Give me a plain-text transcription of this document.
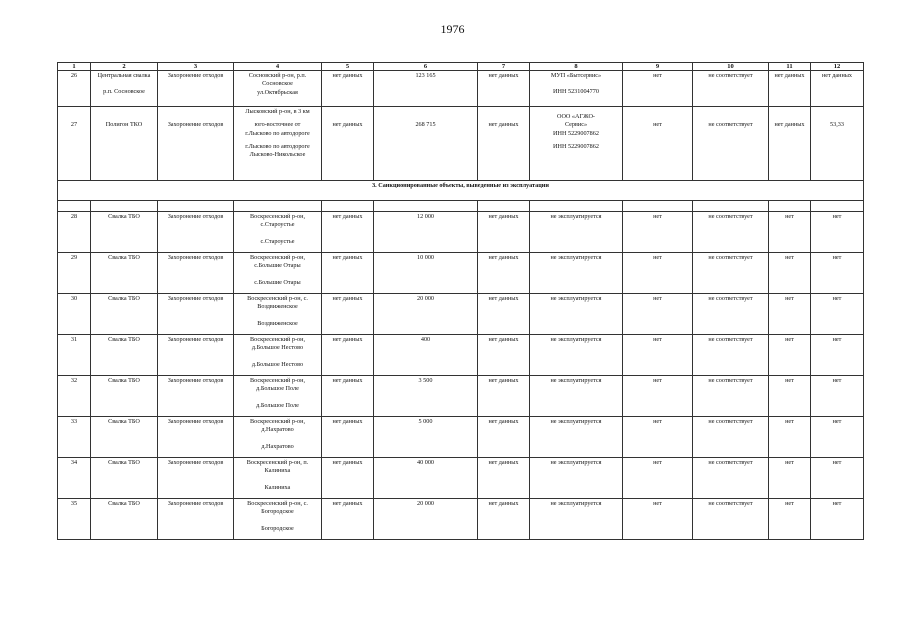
1976
1	2	3	4	5	6	7	8	9	10	11	12
26	Центральная свалка
р.п. Сосновское	Захоронение отходов	Сосновский р-он, р.п.
Сосновское
ул.Октябрьская	нет данных	123 165	нет данных	МУП «Бытсервис»
ИНН 5231004770	нет	не соответствует	нет данных	нет данных
27	Полигон ТКО	Захоронение отходов	Лысковский р-он, в 3 км
юго-восточнее от
г.Лысково по автодороге
г.Лысково по автодороге
Лысково-Никольское	нет данных	268 715	нет данных	ООО «АГЖО-
Сервис»
ИНН 5229007862
ИНН 5229007862	нет	не соответствует	нет данных	53,33
3. Санкционированные объекты, выведенные из эксплуатации											

28	Свалка ТБО	Захоронение отходов	Воскресенский р-он,
с.Староустье
с.Староустье	нет данных	12 000	нет данных	не эксплуатируется	нет	не соответствует	нет	нет
29	Свалка ТБО	Захоронение отходов	Воскресенский р-он,
с.Большие Отары
с.Большие Отары	нет данных	10 000	нет данных	не эксплуатируется	нет	не соответствует	нет	нет
30	Свалка ТБО	Захоронение отходов	Воскресенский р-он, с.
Воздвиженское
Воздвиженское	нет данных	20 000	нет данных	не эксплуатируется	нет	не соответствует	нет	нет
31	Свалка ТБО	Захоронение отходов	Воскресенский р-он,
д.Большое Нестово
д.Большое Нестово	нет данных	400	нет данных	не эксплуатируется	нет	не соответствует	нет	нет
32	Свалка ТБО	Захоронение отходов	Воскресенский р-он,
д.Большое Поле
д.Большое Поле	нет данных	3 500	нет данных	не эксплуатируется	нет	не соответствует	нет	нет
33	Свалка ТБО	Захоронение отходов	Воскресенский р-он,
д.Нахратово
д.Нахратово	нет данных	5 000	нет данных	не эксплуатируется	нет	не соответствует	нет	нет
34	Свалка ТБО	Захоронение отходов	Воскресенский р-он, п.
Калиниха
Калиниха	нет данных	40 000	нет данных	не эксплуатируется	нет	не соответствует	нет	нет
35	Свалка ТБО	Захоронение отходов	Воскресенский р-он, с.
Богородское
Богородское	нет данных	20 000	нет данных	не эксплуатируется	нет	не соответствует	нет	нет
